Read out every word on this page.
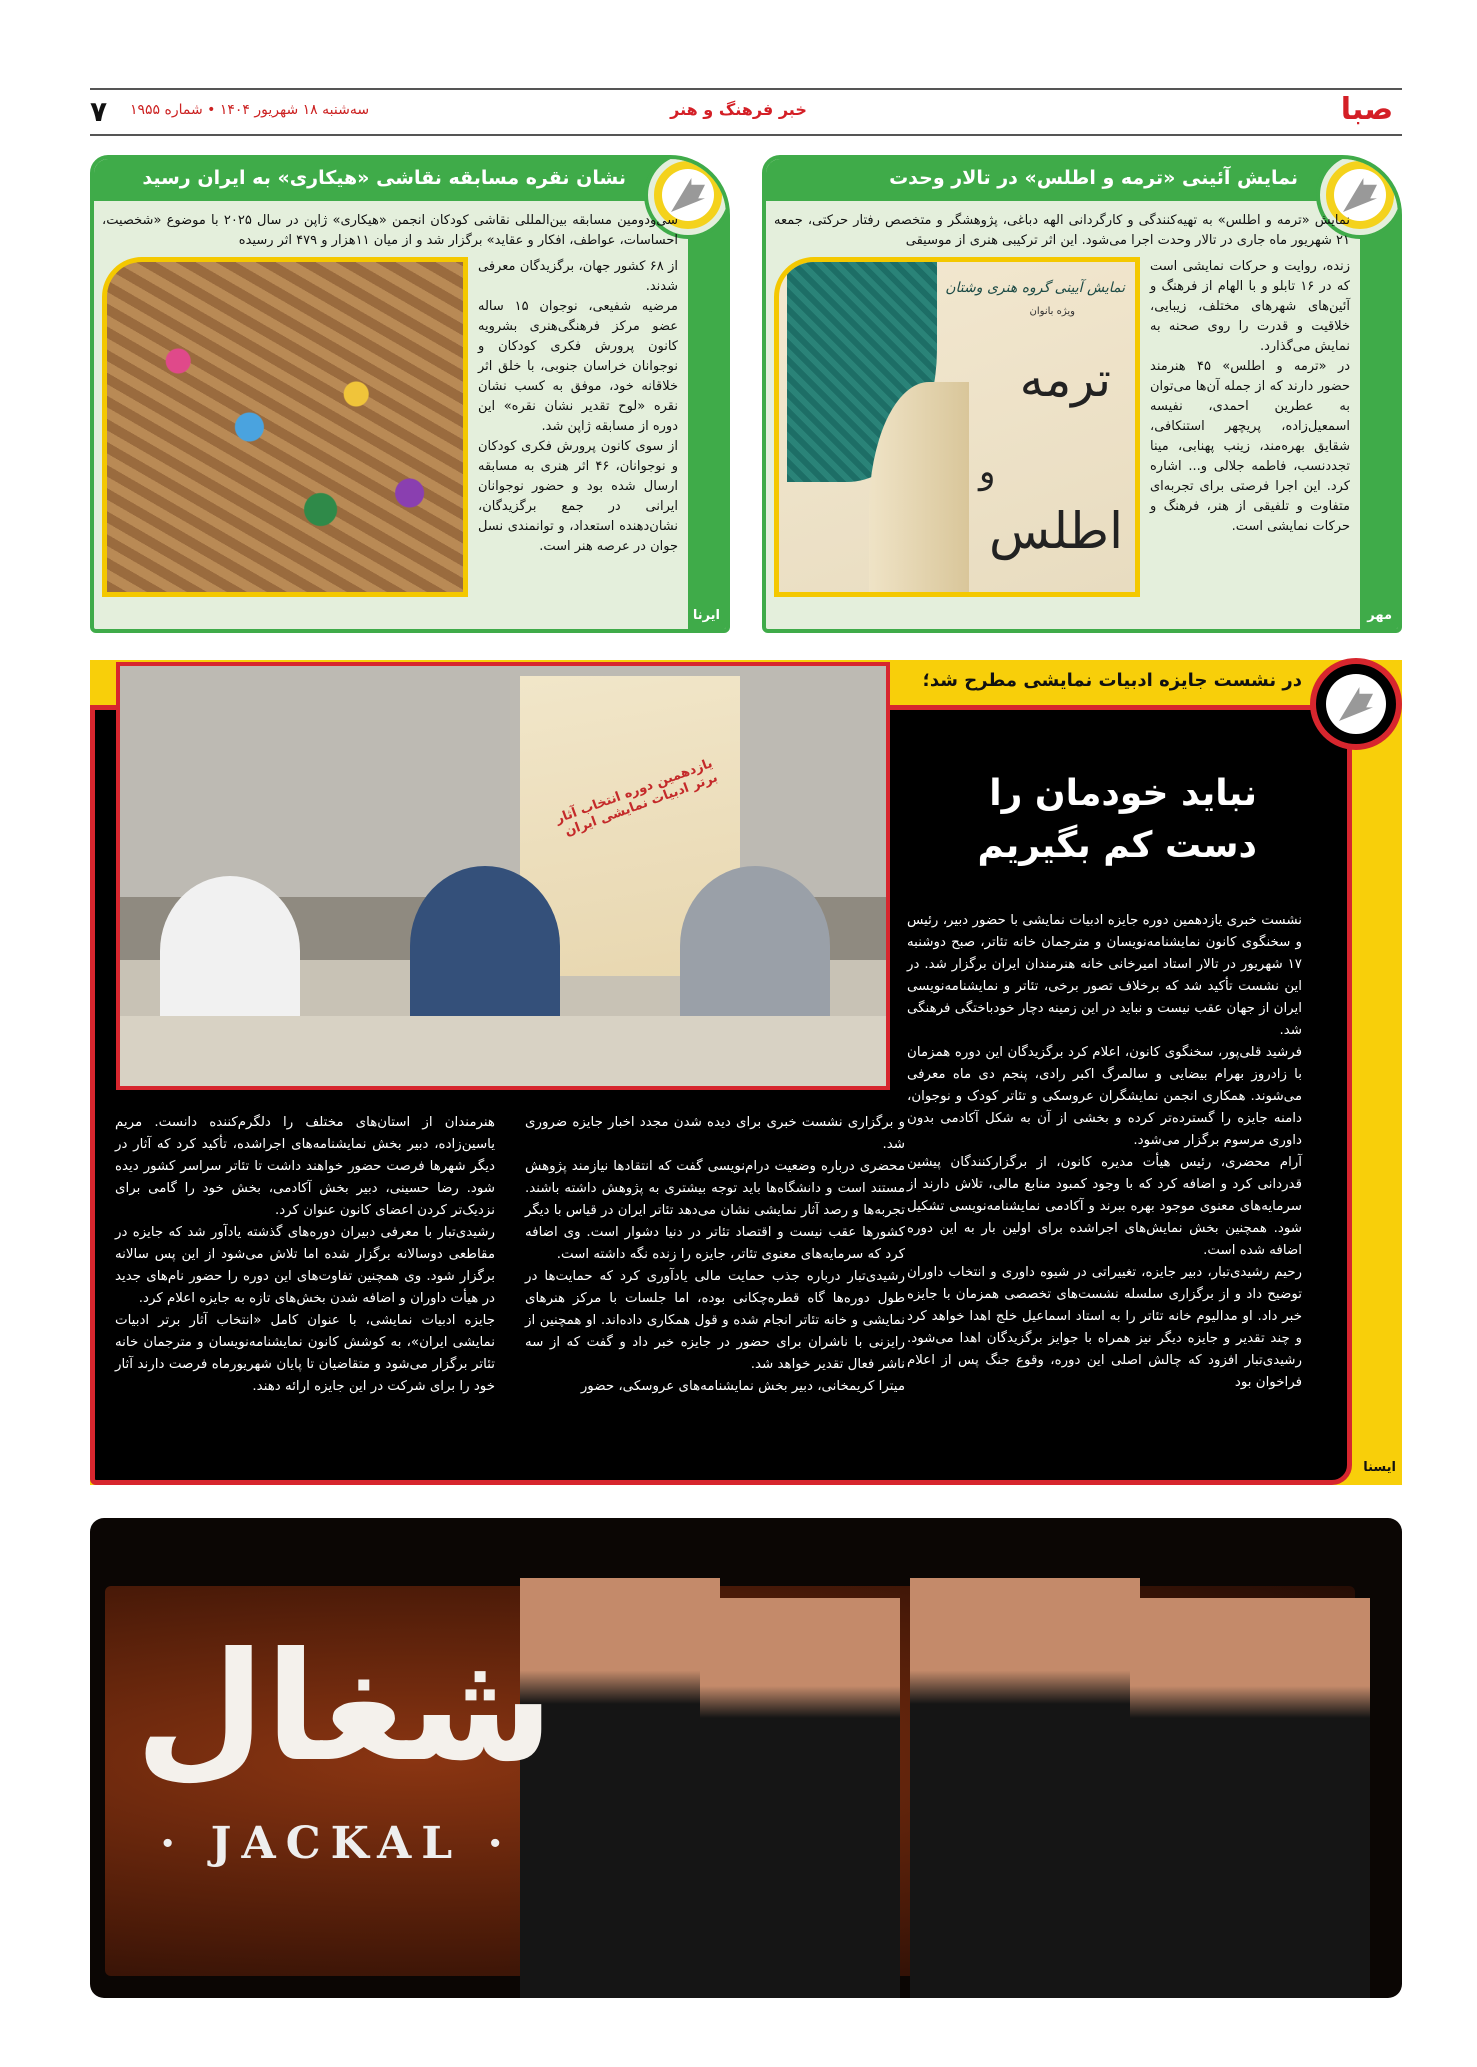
صبا
خبر فرهنگ و هنر
سه‌شنبه ۱۸ شهریور ۱۴۰۴ • شماره ۱۹۵۵
۷
نمایش آئینی «ترمه و اطلس» در تالار وحدت
مهر

نمایش «ترمه و اطلس» به تهیه‌کنندگی و کارگردانی الهه دباغی، پژوهشگر و متخصص رفتار حرکتی، جمعه ۲۱ شهریور ماه جاری در تالار وحدت اجرا می‌شود. این اثر ترکیبی هنری از موسیقی

زنده، روایت و حرکات نمایشی است که در ۱۶ تابلو و با الهام از فرهنگ و آئین‌های شهرهای مختلف، زیبایی، خلاقیت و قدرت را روی صحنه به نمایش می‌گذارد.

در «ترمه و اطلس» ۴۵ هنرمند حضور دارند که از جمله آن‌ها می‌توان به عطرین احمدی، نفیسه اسمعیل‌زاده، پریچهر استنکافی، شقایق بهره‌مند، زینب پهنابی، مینا تجددنسب، فاطمه جلالی و... اشاره کرد. این اجرا فرصتی برای تجربه‌ای متفاوت و تلفیقی از هنر، فرهنگ و حرکات نمایشی است.

نمایش آیینی گروه هنری وشتان
ویژه بانوان
ترمه
و
اطلس
نشان نقره مسابقه نقاشی «هیکاری» به ایران رسید
ایرنا

سی‌ودومین مسابقه بین‌المللی نقاشی کودکان انجمن «هیکاری» ژاپن در سال ۲۰۲۵ با موضوع «شخصیت، احساسات، عواطف، افکار و عقاید» برگزار شد و از میان ۱۱هزار و ۴۷۹ اثر رسیده

از ۶۸ کشور جهان، برگزیدگان معرفی شدند.

مرضیه شفیعی، نوجوان ۱۵ ساله عضو مرکز فرهنگی‌هنری بشرویه کانون پرورش فکری کودکان و نوجوانان خراسان جنوبی، با خلق اثر خلاقانه خود، موفق به کسب نشان نقره «لوح تقدیر نشان نقره» این دوره از مسابقه ژاپن شد.

از سوی کانون پرورش فکری کودکان و نوجوانان، ۴۶ اثر هنری به مسابقه ارسال شده بود و حضور نوجوانان ایرانی در جمع برگزیدگان، نشان‌دهنده استعداد، و توانمندی نسل جوان در عرصه هنر است.

در نشست جایزه ادبیات نمایشی مطرح شد؛
نباید خودمان را
دست کم بگیریم

نشست خبری یازدهمین دوره جایزه ادبیات نمایشی با حضور دبیر، رئیس و سخنگوی کانون نمایشنامه‌نویسان و مترجمان خانه تئاتر، صبح دوشنبه ۱۷ شهریور در تالار استاد امیرخانی خانه هنرمندان ایران برگزار شد. در این نشست تأکید شد که برخلاف تصور برخی، تئاتر و نمایشنامه‌نویسی ایران از جهان عقب نیست و نباید در این زمینه دچار خودباختگی فرهنگی شد.

فرشید قلی‌پور، سخنگوی کانون، اعلام کرد برگزیدگان این دوره همزمان با زادروز بهرام بیضایی و سالمرگ اکبر رادی، پنجم دی ماه معرفی می‌شوند. همکاری انجمن نمایشگران عروسکی و تئاتر کودک و نوجوان، دامنه جایزه را گسترده‌تر کرده و بخشی از آن به شکل آکادمی بدون داوری مرسوم برگزار می‌شود.

آرام محضری، رئیس هیأت مدیره کانون، از برگزارکنندگان پیشین قدردانی کرد و اضافه کرد که با وجود کمبود منابع مالی، تلاش دارند از سرمایه‌های معنوی موجود بهره ببرند و آکادمی نمایشنامه‌نویسی تشکیل شود. همچنین بخش نمایش‌های اجراشده برای اولین بار به این دوره اضافه شده است.

رحیم رشیدی‌تبار، دبیر جایزه، تغییراتی در شیوه داوری و انتخاب داوران توضیح داد و از برگزاری سلسله نشست‌های تخصصی همزمان با جایزه خبر داد. او مدالیوم خانه تئاتر را به استاد اسماعیل خلج اهدا خواهد کرد و چند تقدیر و جایزه دیگر نیز همراه با جوایز برگزیدگان اهدا می‌شود. رشیدی‌تبار افزود که چالش اصلی این دوره، وقوع جنگ پس از اعلام فراخوان بود

و برگزاری نشست خبری برای دیده شدن مجدد اخبار جایزه ضروری شد.

محضری درباره وضعیت درام‌نویسی گفت که انتقادها نیازمند پژوهش مستند است و دانشگاه‌ها باید توجه بیشتری به پژوهش داشته باشند. تجربه‌ها و رصد آثار نمایشی نشان می‌دهد تئاتر ایران در قیاس با دیگر کشورها عقب نیست و اقتصاد تئاتر در دنیا دشوار است. وی اضافه کرد که سرمایه‌های معنوی تئاتر، جایزه را زنده نگه داشته است.

رشیدی‌تبار درباره جذب حمایت مالی یادآوری کرد که حمایت‌ها در طول دوره‌ها گاه قطره‌چکانی بوده، اما جلسات با مرکز هنرهای نمایشی و خانه تئاتر انجام شده و قول همکاری داده‌اند. او همچنین از رایزنی با ناشران برای حضور در جایزه خبر داد و گفت که از سه ناشر فعال تقدیر خواهد شد.

میترا کریمخانی، دبیر بخش نمایشنامه‌های عروسکی، حضور

هنرمندان از استان‌های مختلف را دلگرم‌کننده دانست. مریم یاسین‌زاده، دبیر بخش نمایشنامه‌های اجراشده، تأکید کرد که آثار در دیگر شهرها فرصت حضور خواهند داشت تا تئاتر سراسر کشور دیده شود. رضا حسینی، دبیر بخش آکادمی، بخش خود را گامی برای نزدیک‌تر کردن اعضای کانون عنوان کرد.

رشیدی‌تبار با معرفی دبیران دوره‌های گذشته یادآور شد که جایزه در مقاطعی دوسالانه برگزار شده اما تلاش می‌شود از این پس سالانه برگزار شود. وی همچنین تفاوت‌های این دوره را حضور نام‌های جدید در هیأت داوران و اضافه شدن بخش‌های تازه به جایزه اعلام کرد.

جایزه ادبیات نمایشی، با عنوان کامل «انتخاب آثار برتر ادبیات نمایشی ایران»، به کوشش کانون نمایشنامه‌نویسان و مترجمان خانه تئاتر برگزار می‌شود و متقاضیان تا پایان شهریورماه فرصت دارند آثار خود را برای شرکت در این جایزه ارائه دهند.

یازدهمین دوره انتخاب آثار برتر ادبیات نمایشی ایران
ایسنا
شغال
· JACKAL ·
